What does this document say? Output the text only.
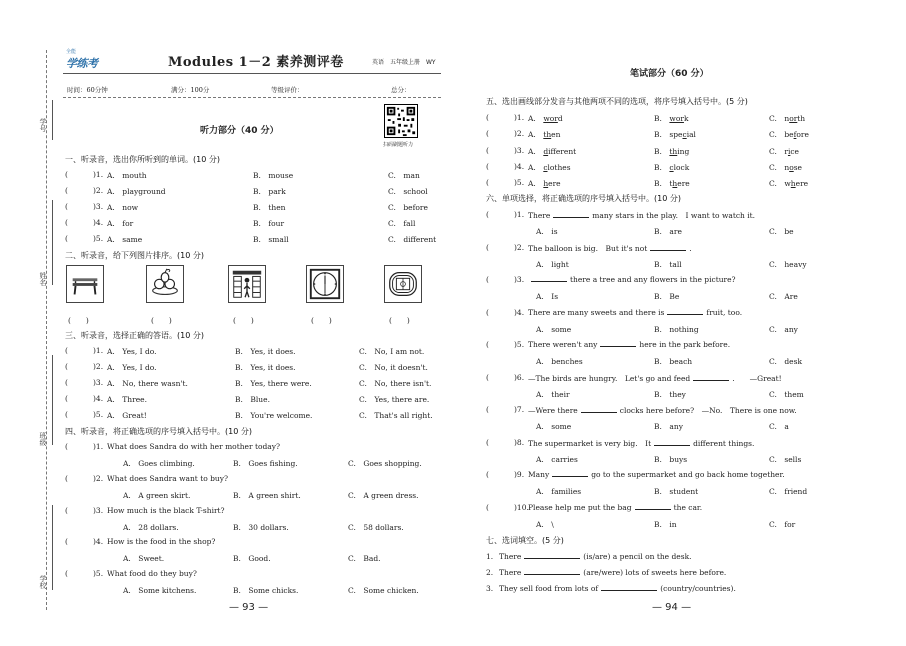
学号
姓名
班级
学校
全能
学练考	Modules 1－2 素养测评卷	英语　五年级上册　WY
时间：60分钟	满分：100分	等级评价：	总分：
扫码刷题听力
听力部分（40 分）
一、听录音，选出你所听到的单词。(10 分)
(	)1. A.　mouth	B.　mouse	C.　man
(	)2. A.　playground	B.　park	C.　school
(	)3. A.　now	B.　then	C.　before
(	)4. A.　for	B.　four	C.　fall
(	)5. A.　same	B.　small	C.　different
二、听录音，给下列图片排序。(10 分)
(　　)	(　　)	(　　)	(　　)	(　　)
三、听录音，选择正确的答语。(10 分)
(	)1. A.　Yes, I do.	B.　Yes, it does.	C.　No, I am not.
(	)2. A.　Yes, I do.	B.　Yes, it does.	C.　No, it doesn't.
(	)3. A.　No, there wasn't.	B.　Yes, there were.	C.　No, there isn't.
(	)4. A.　Three.	B.　Blue.	C.　Yes, there are.
(	)5. A.　Great!	B.　You're welcome.	C.　That's all right.
四、听录音，将正确选项的序号填入括号中。(10 分)
(	)1. What does Sandra do with her mother today?
A.　Goes climbing.	B.　Goes fishing.	C.　Goes shopping.
(	)2. What does Sandra want to buy?
A.　A green skirt.	B.　A green shirt.	C.　A green dress.
(	)3. How much is the black T-shirt?
A.　28 dollars.	B.　30 dollars.	C.　58 dollars.
(	)4. How is the food in the shop?
A.　Sweet.	B.　Good.	C.　Bad.
(	)5. What food do they buy?
A.　Some kitchens.	B.　Some chicks.	C.　Some chicken.
— 93 —
笔试部分（60 分）
五、选出画线部分发音与其他两项不同的选项，将序号填入括号中。(5 分)
(	)1. A.　word	B.　work	C.　north
(	)2. A.　then	B.　special	C.　before
(	)3. A.　different	B.　thing	C.　rice
(	)4. A.　clothes	B.　clock	C.　nose
(	)5. A.　here	B.　there	C.　where
六、单项选择，将正确选项的序号填入括号中。(10 分)
(	)1. There	many stars in the play.　I want to watch it.
A.　is	B.　are	C.　be
(	)2. The balloon is big.　But it's not	.
A.　light	B.　tall	C.　heavy
(	)3.	there a tree and any flowers in the picture?
A.　Is	B.　Be	C.　Are
(	)4. There are many sweets and there is	fruit, too.
A.　some	B.　nothing	C.　any
(	)5. There weren't any	here in the park before.
A.　benches	B.　beach	C.　desk
(	)6. —The birds are hungry.　Let's go and feed	.　　—Great!
A.　their	B.　they	C.　them
(	)7. —Were there	clocks here before?　—No.　There is one now.
A.　some	B.　any	C.　a
(	)8. The supermarket is very big.　It	different things.
A.　carries	B.　buys	C.　sells
(	)9. Many	go to the supermarket and go back home together.
A.　families	B.　student	C.　friend
(	)10. Please help me put the bag	the car.
A.　\	B.　in	C.　for
七、选词填空。(5 分)
1. There	(is/are) a pencil on the desk.
2. There	(are/were) lots of sweets here before.
3. They sell food from lots of	(country/countries).
— 94 —
